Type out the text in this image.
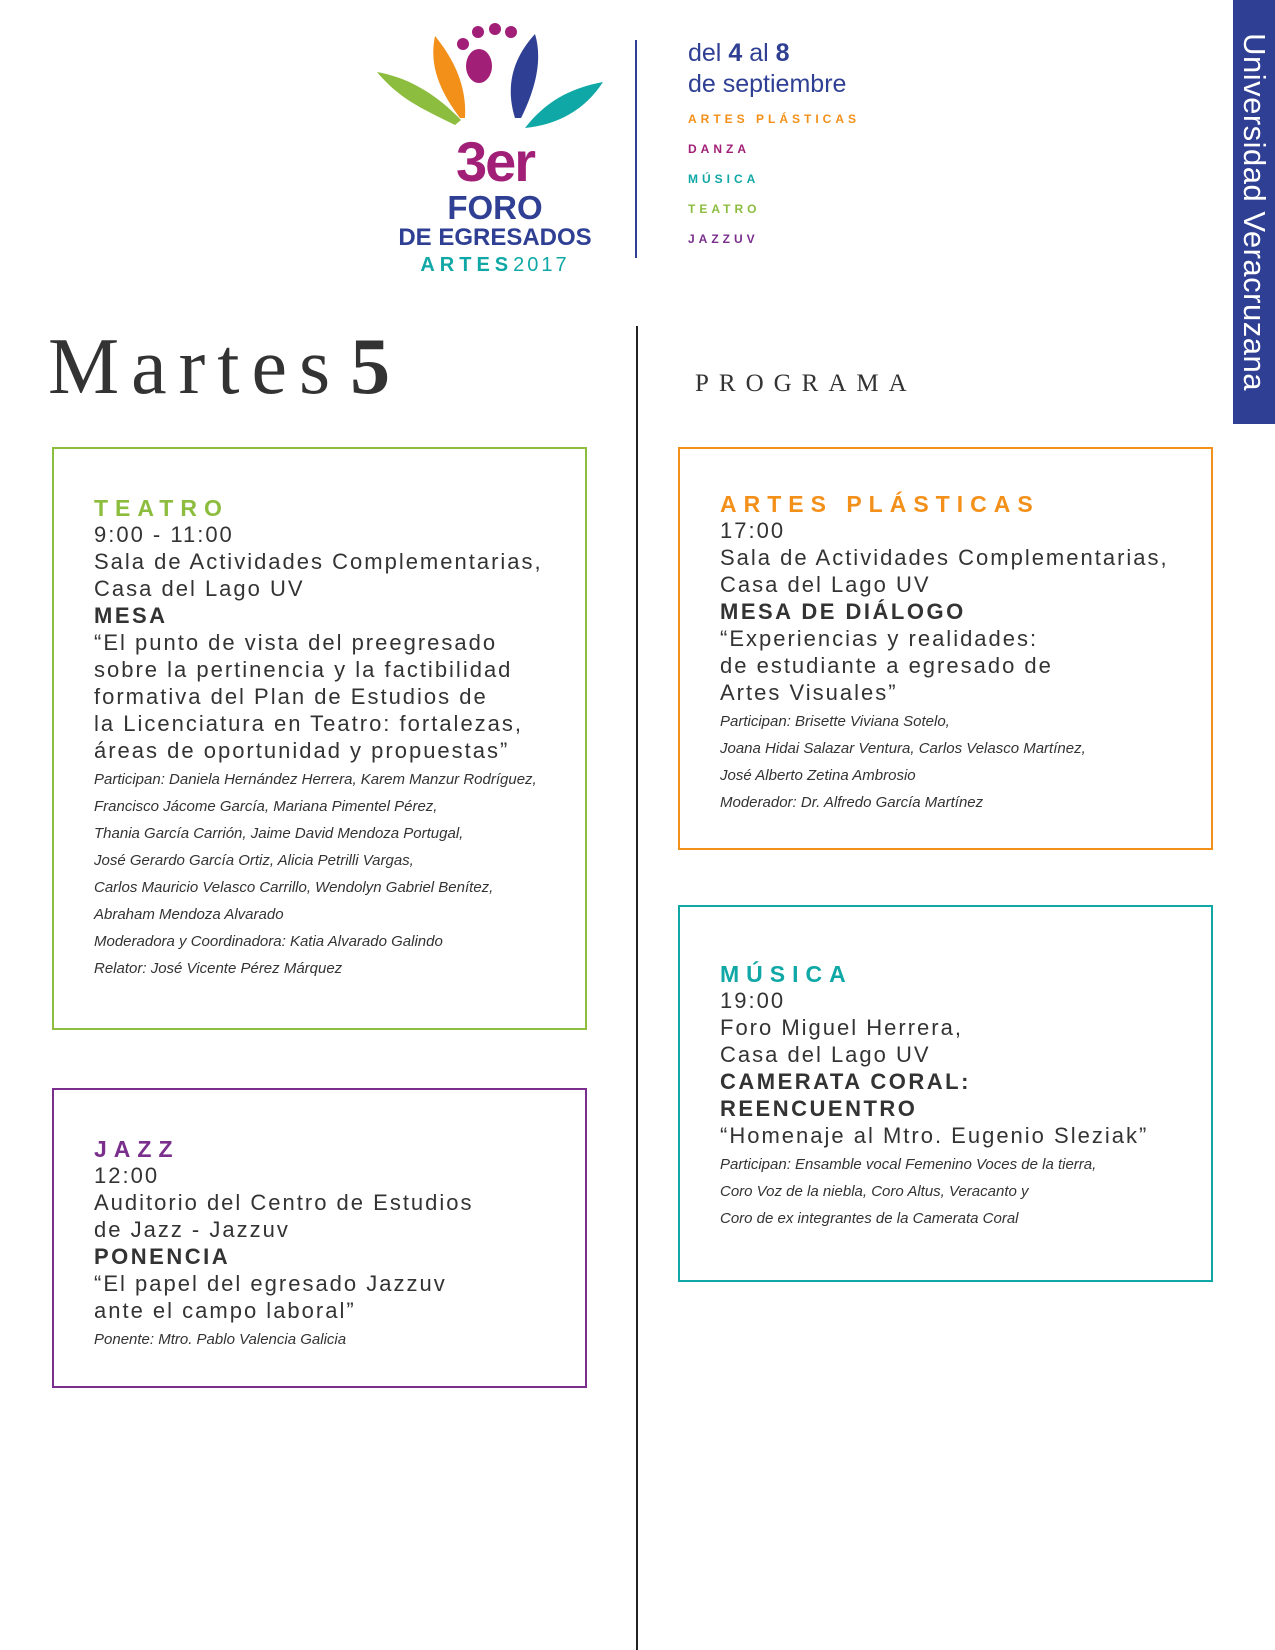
Universidad Veracruzana
3er
FORO
DE EGRESADOS
ARTES2017
del 4 al 8
de septiembre
ARTES PLÁSTICAS
DANZA
MÚSICA
TEATRO
JAZZUV
Martes 5	PROGRAMA
TEATRO
9:00 - 11:00
Sala de Actividades Complementarias,
Casa del Lago UV
MESA
“El punto de vista del preegresado
sobre la pertinencia y la factibilidad
formativa del Plan de Estudios de
la Licenciatura en Teatro: fortalezas,
áreas de oportunidad y propuestas”
Participan: Daniela Hernández Herrera, Karem Manzur Rodríguez,
Francisco Jácome García, Mariana Pimentel Pérez,
Thania García Carrión, Jaime David Mendoza Portugal,
José Gerardo García Ortiz, Alicia Petrilli Vargas,
Carlos Mauricio Velasco Carrillo, Wendolyn Gabriel Benítez,
Abraham Mendoza Alvarado
Moderadora y Coordinadora: Katia Alvarado Galindo
Relator: José Vicente Pérez Márquez
JAZZ
12:00
Auditorio del Centro de Estudios
de Jazz - Jazzuv
PONENCIA
“El papel del egresado Jazzuv
ante el campo laboral”
Ponente: Mtro. Pablo Valencia Galicia
ARTES PLÁSTICAS
17:00
Sala de Actividades Complementarias,
Casa del Lago UV
MESA DE DIÁLOGO
“Experiencias y realidades:
de estudiante a egresado de
Artes Visuales”
Participan: Brisette Viviana Sotelo,
Joana Hidai Salazar Ventura, Carlos Velasco Martínez,
José Alberto Zetina Ambrosio
Moderador: Dr. Alfredo García Martínez
MÚSICA
19:00
Foro Miguel Herrera,
Casa del Lago UV
CAMERATA CORAL:
REENCUENTRO
“Homenaje al Mtro. Eugenio Sleziak”
Participan: Ensamble vocal Femenino Voces de la tierra,
Coro Voz de la niebla, Coro Altus, Veracanto y
Coro de ex integrantes de la Camerata Coral
